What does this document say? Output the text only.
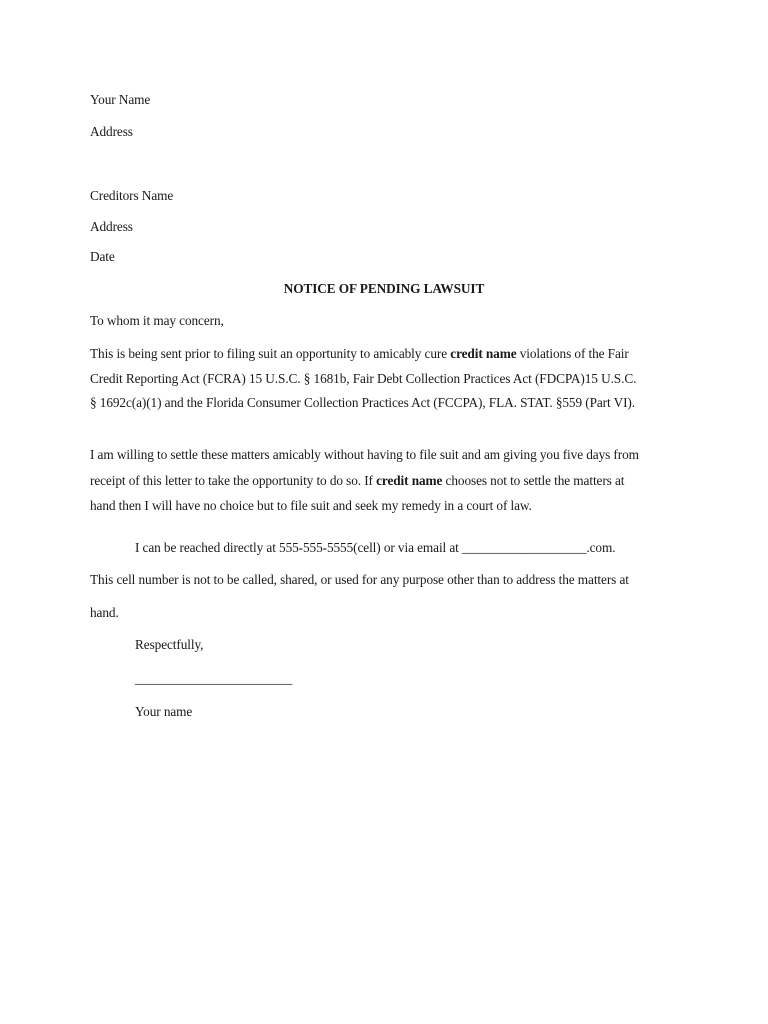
Your Name
Address
Creditors Name
Address
Date
NOTICE OF PENDING LAWSUIT
To whom it may concern,
This is being sent prior to filing suit an opportunity to amicably cure credit name violations of the Fair
Credit Reporting Act (FCRA) 15 U.S.C. § 1681b, Fair Debt Collection Practices Act (FDCPA)15 U.S.C.
§ 1692c(a)(1) and the Florida Consumer Collection Practices Act (FCCPA), FLA. STAT. §559 (Part VI).
I am willing to settle these matters amicably without having to file suit and am giving you five days from
receipt of this letter to take the opportunity to do so. If credit name chooses not to settle the matters at
hand then I will have no choice but to file suit and seek my remedy in a court of law.
I can be reached directly at 555-555-5555(cell) or via email at ___________________.com.
This cell number is not to be called, shared, or used for any purpose other than to address the matters at
hand.
Respectfully,
________________________
Your name
